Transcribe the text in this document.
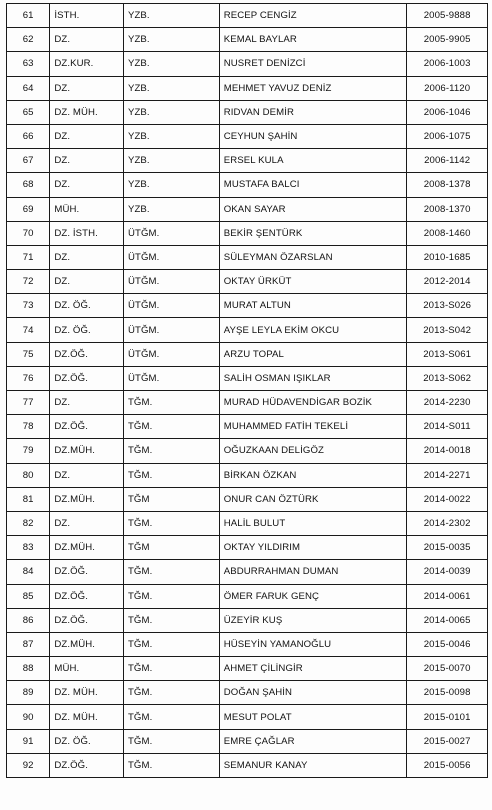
61	İSTH.	YZB.	RECEP CENGİZ	2005-9888
62	DZ.	YZB.	KEMAL BAYLAR	2005-9905
63	DZ.KUR.	YZB.	NUSRET DENİZCİ	2006-1003
64	DZ.	YZB.	MEHMET YAVUZ DENİZ	2006-1120
65	DZ. MÜH.	YZB.	RIDVAN DEMİR	2006-1046
66	DZ.	YZB.	CEYHUN ŞAHİN	2006-1075
67	DZ.	YZB.	ERSEL KULA	2006-1142
68	DZ.	YZB.	MUSTAFA BALCI	2008-1378
69	MÜH.	YZB.	OKAN SAYAR	2008-1370
70	DZ. İSTH.	ÜTĞM.	BEKİR ŞENTÜRK	2008-1460
71	DZ.	ÜTĞM.	SÜLEYMAN ÖZARSLAN	2010-1685
72	DZ.	ÜTĞM.	OKTAY ÜRKÜT	2012-2014
73	DZ. ÖĞ.	ÜTĞM.	MURAT ALTUN	2013-S026
74	DZ. ÖĞ.	ÜTĞM.	AYŞE LEYLA EKİM OKCU	2013-S042
75	DZ.ÖĞ.	ÜTĞM.	ARZU TOPAL	2013-S061
76	DZ.ÖĞ.	ÜTĞM.	SALİH OSMAN IŞIKLAR	2013-S062
77	DZ.	TĞM.	MURAD HÜDAVENDİGAR BOZİK	2014-2230
78	DZ.ÖĞ.	TĞM.	MUHAMMED FATİH TEKELİ	2014-S011
79	DZ.MÜH.	TĞM.	OĞUZKAAN DELİGÖZ	2014-0018
80	DZ.	TĞM.	BİRKAN ÖZKAN	2014-2271
81	DZ.MÜH.	TĞM	ONUR CAN ÖZTÜRK	2014-0022
82	DZ.	TĞM.	HALİL BULUT	2014-2302
83	DZ.MÜH.	TĞM	OKTAY YILDIRIM	2015-0035
84	DZ.ÖĞ.	TĞM.	ABDURRAHMAN DUMAN	2014-0039
85	DZ.ÖĞ.	TĞM.	ÖMER FARUK GENÇ	2014-0061
86	DZ.ÖĞ.	TĞM.	ÜZEYİR KUŞ	2014-0065
87	DZ.MÜH.	TĞM.	HÜSEYİN YAMANOĞLU	2015-0046
88	MÜH.	TĞM.	AHMET ÇİLİNGİR	2015-0070
89	DZ. MÜH.	TĞM.	DOĞAN ŞAHİN	2015-0098
90	DZ. MÜH.	TĞM.	MESUT POLAT	2015-0101
91	DZ. ÖĞ.	TĞM.	EMRE ÇAĞLAR	2015-0027
92	DZ.ÖĞ.	TĞM.	SEMANUR KANAY	2015-0056
